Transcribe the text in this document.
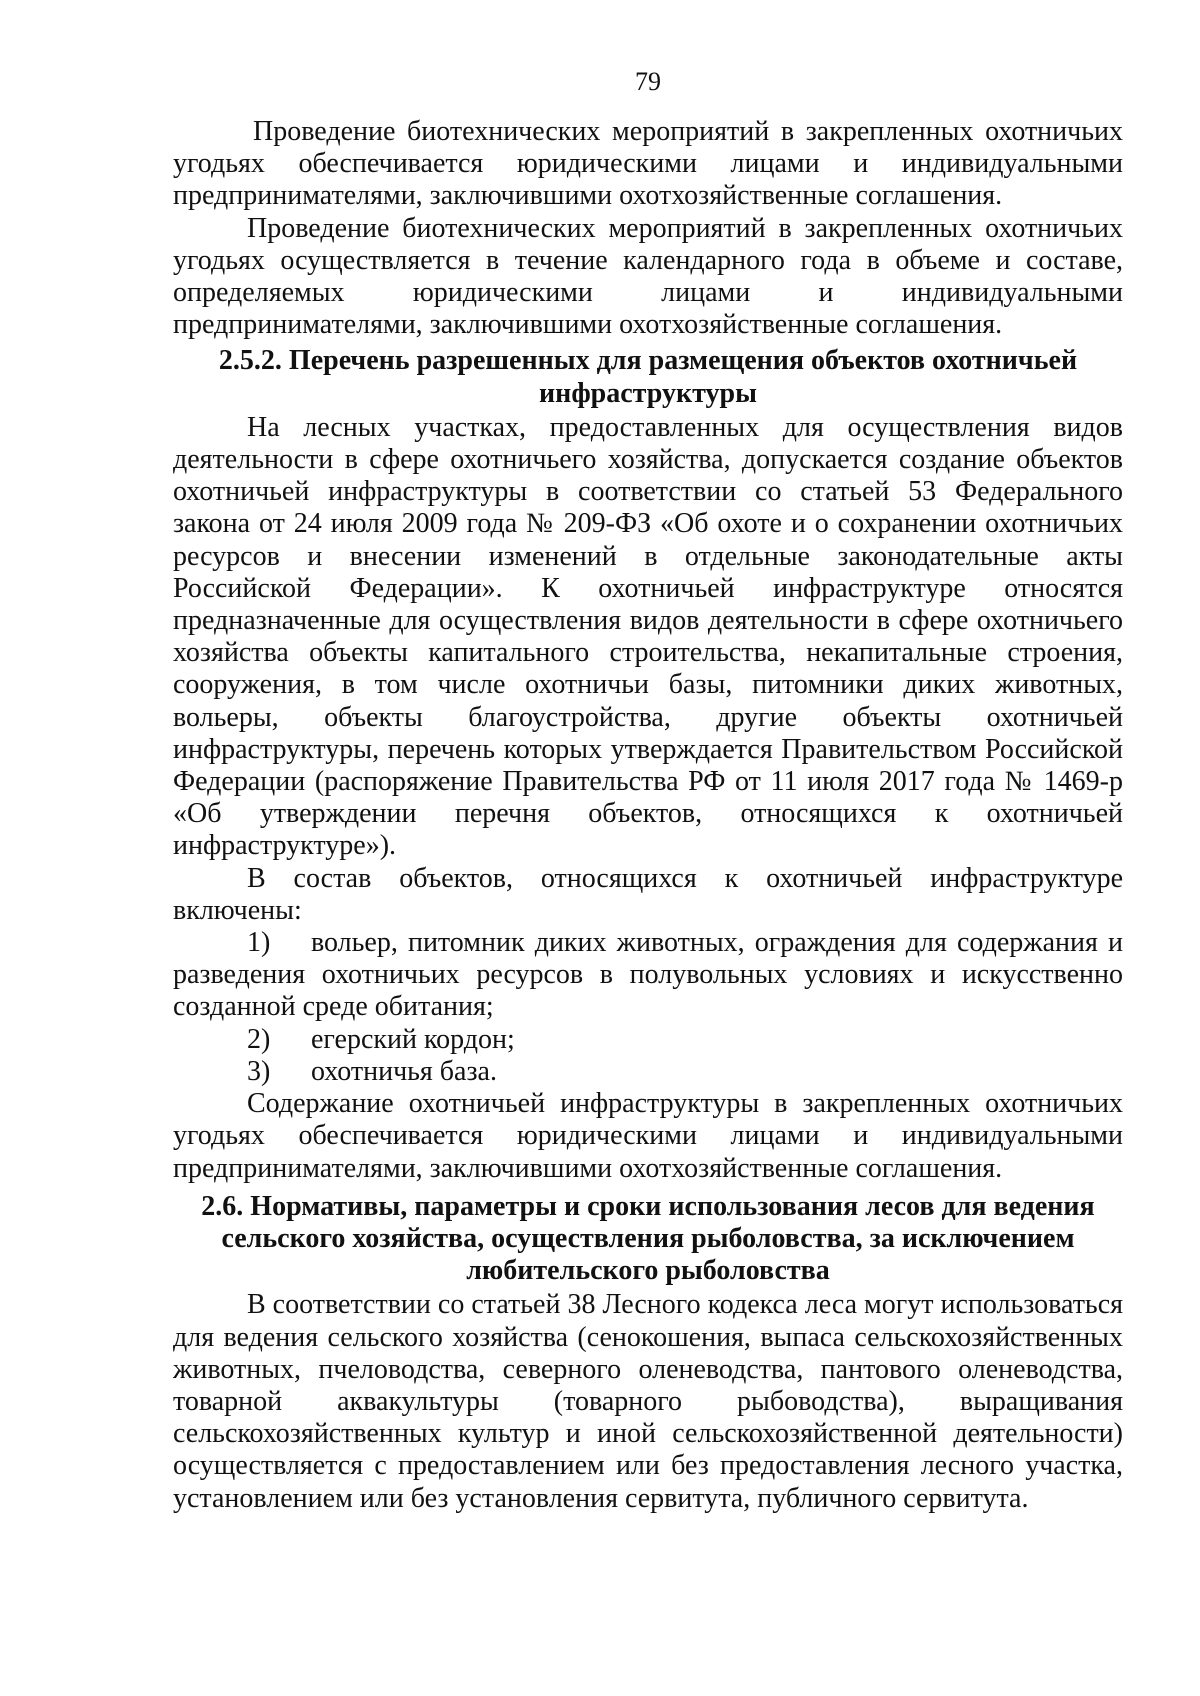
79

Проведение биотехнических мероприятий в закрепленных охотничьих угодьях обеспечивается юридическими лицами и индивидуальными предпринимателями, заключившими охотхозяйственные соглашения.

Проведение биотехнических мероприятий в закрепленных охотничьих угодьях осуществляется в течение календарного года в объеме и составе, определяемых юридическими лицами и индивидуальными предпринимателями, заключившими охотхозяйственные соглашения.

2.5.2. Перечень разрешенных для размещения объектов охотничьей инфраструктуры

На лесных участках, предоставленных для осуществления видов деятельности в сфере охотничьего хозяйства, допускается создание объектов охотничьей инфраструктуры в соответствии со статьей 53 Федерального закона от 24 июля 2009 года № 209-ФЗ «Об охоте и о сохранении охотничьих ресурсов и внесении изменений в отдельные законодательные акты Российской Федерации». К охотничьей инфраструктуре относятся предназначенные для осуществления видов деятельности в сфере охотничьего хозяйства объекты капитального строительства, некапитальные строения, сооружения, в том числе охотничьи базы, питомники диких животных, вольеры, объекты благоустройства, другие объекты охотничьей инфраструктуры, перечень которых утверждается Правительством Российской Федерации (распоряжение Правительства РФ от 11 июля 2017 года № 1469-р «Об утверждении перечня объектов, относящихся к охотничьей инфраструктуре»).

В состав объектов, относящихся к охотничьей инфраструктуре включены:

1) вольер, питомник диких животных, ограждения для содержания и разведения охотничьих ресурсов в полувольных условиях и искусственно созданной среде обитания;
2) егерский кордон;
3) охотничья база.

Содержание охотничьей инфраструктуры в закрепленных охотничьих угодьях обеспечивается юридическими лицами и индивидуальными предпринимателями, заключившими охотхозяйственные соглашения.

2.6. Нормативы, параметры и сроки использования лесов для ведения
сельского хозяйства, осуществления рыболовства, за исключением
любительского рыболовства

В соответствии со статьей 38 Лесного кодекса леса могут использоваться для ведения сельского хозяйства (сенокошения, выпаса сельскохозяйственных животных, пчеловодства, северного оленеводства, пантового оленеводства, товарной аквакультуры (товарного рыбоводства), выращивания сельскохозяйственных культур и иной сельскохозяйственной деятельности) осуществляется с предоставлением или без предоставления лесного участка, установлением или без установления сервитута, публичного сервитута.
